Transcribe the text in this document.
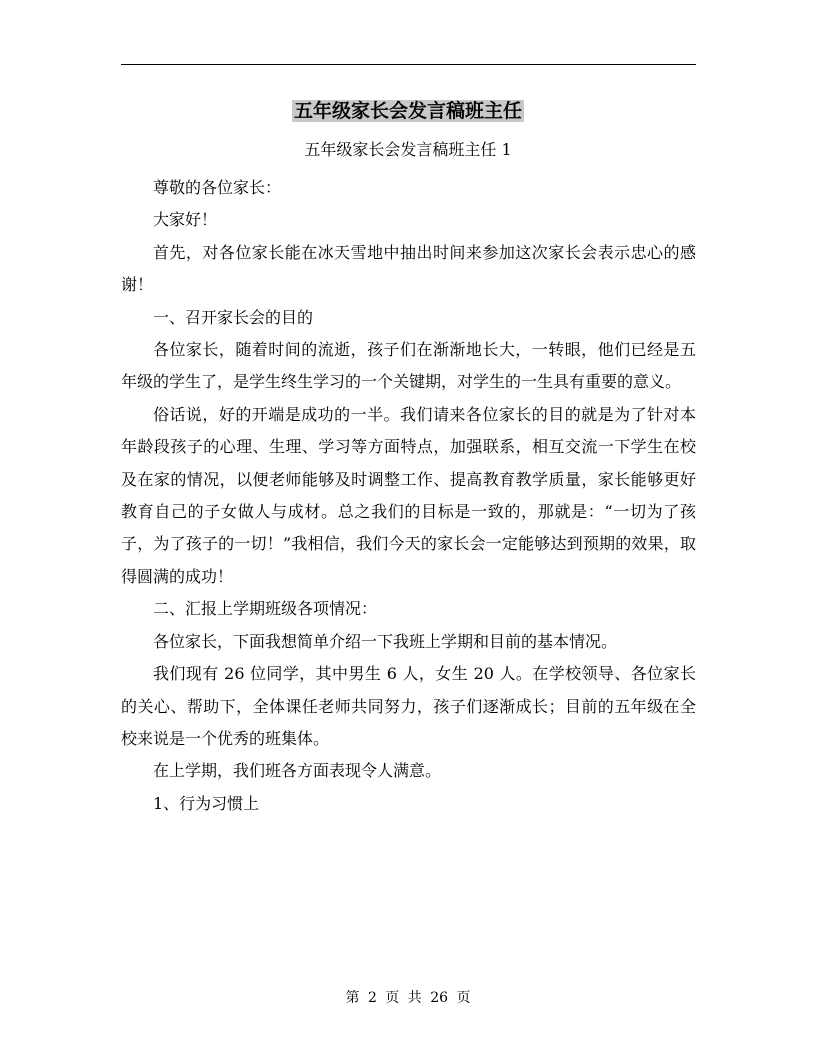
五年级家长会发言稿班主任
五年级家长会发言稿班主任 1

尊敬的各位家长：

大家好！

首先，对各位家长能在冰天雪地中抽出时间来参加这次家长会表示忠心的感谢！

一、召开家长会的目的

各位家长，随着时间的流逝，孩子们在渐渐地长大，一转眼，他们已经是五年级的学生了，是学生终生学习的一个关键期，对学生的一生具有重要的意义。

俗话说，好的开端是成功的一半。我们请来各位家长的目的就是为了针对本年龄段孩子的心理、生理、学习等方面特点，加强联系，相互交流一下学生在校及在家的情况，以便老师能够及时调整工作、提高教育教学质量，家长能够更好教育自己的子女做人与成材。总之我们的目标是一致的，那就是：“一切为了孩子，为了孩子的一切！”我相信，我们今天的家长会一定能够达到预期的效果，取得圆满的成功！

二、汇报上学期班级各项情况：

各位家长，下面我想简单介绍一下我班上学期和目前的基本情况。

我们现有 26 位同学，其中男生 6 人，女生 20 人。在学校领导、各位家长的关心、帮助下，全体课任老师共同努力，孩子们逐渐成长；目前的五年级在全校来说是一个优秀的班集体。

在上学期，我们班各方面表现令人满意。

1、行为习惯上

第 2 页 共 26 页
